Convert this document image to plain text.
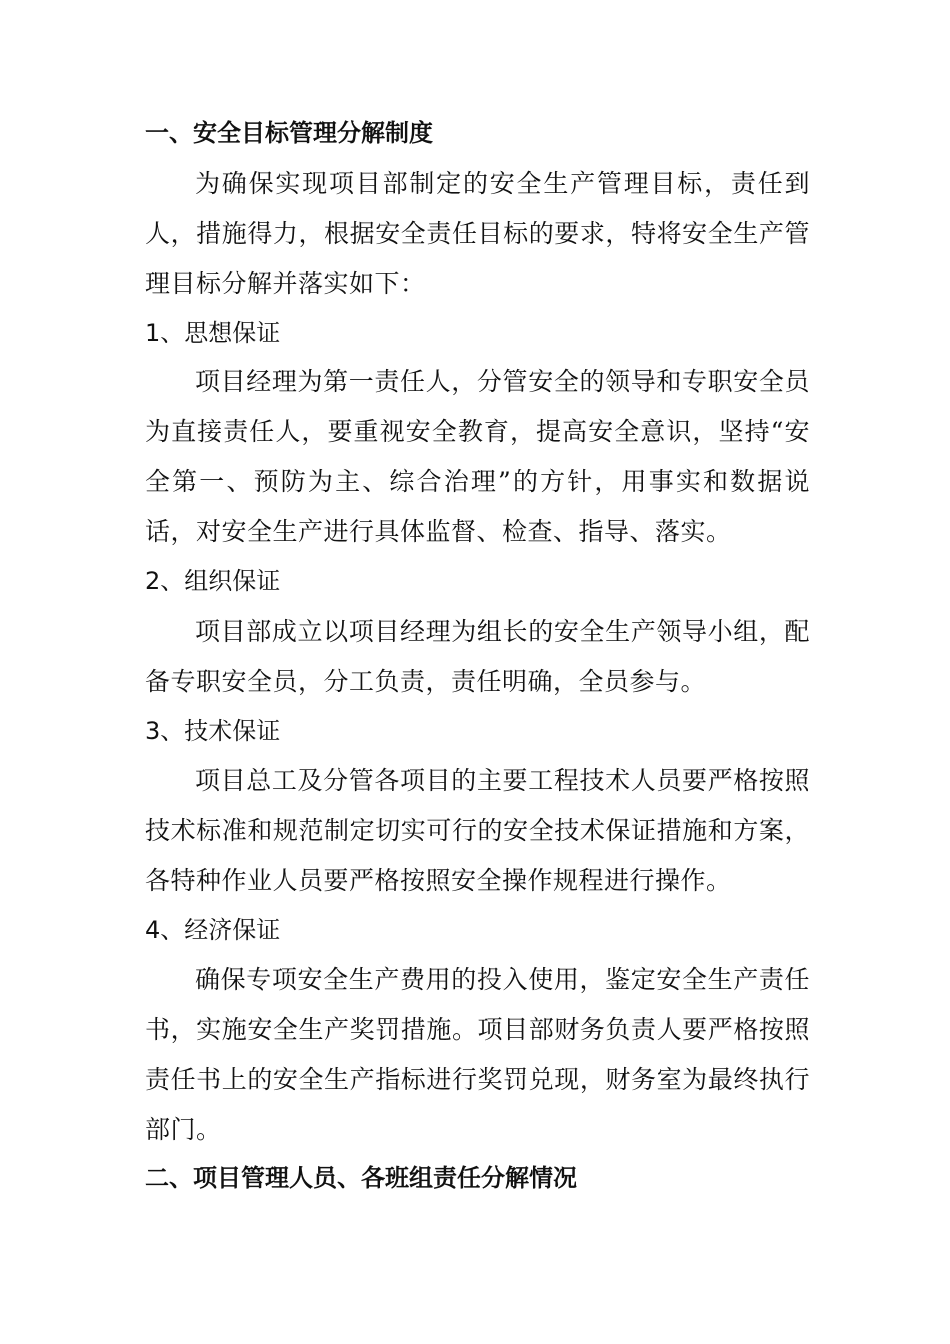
一、安全目标管理分解制度
为确保实现项目部制定的安全生产管理目标，责任到人，措施得力，根据安全责任目标的要求，特将安全生产管理目标分解并落实如下：
1、思想保证
项目经理为第一责任人，分管安全的领导和专职安全员为直接责任人，要重视安全教育，提高安全意识，坚持“安全第一、预防为主、综合治理”的方针，用事实和数据说话，对安全生产进行具体监督、检查、指导、落实。
2、组织保证
项目部成立以项目经理为组长的安全生产领导小组，配备专职安全员，分工负责，责任明确，全员参与。
3、技术保证
项目总工及分管各项目的主要工程技术人员要严格按照技术标准和规范制定切实可行的安全技术保证措施和方案，各特种作业人员要严格按照安全操作规程进行操作。
4、经济保证
确保专项安全生产费用的投入使用，鉴定安全生产责任书，实施安全生产奖罚措施。项目部财务负责人要严格按照责任书上的安全生产指标进行奖罚兑现，财务室为最终执行部门。
二、项目管理人员、各班组责任分解情况
